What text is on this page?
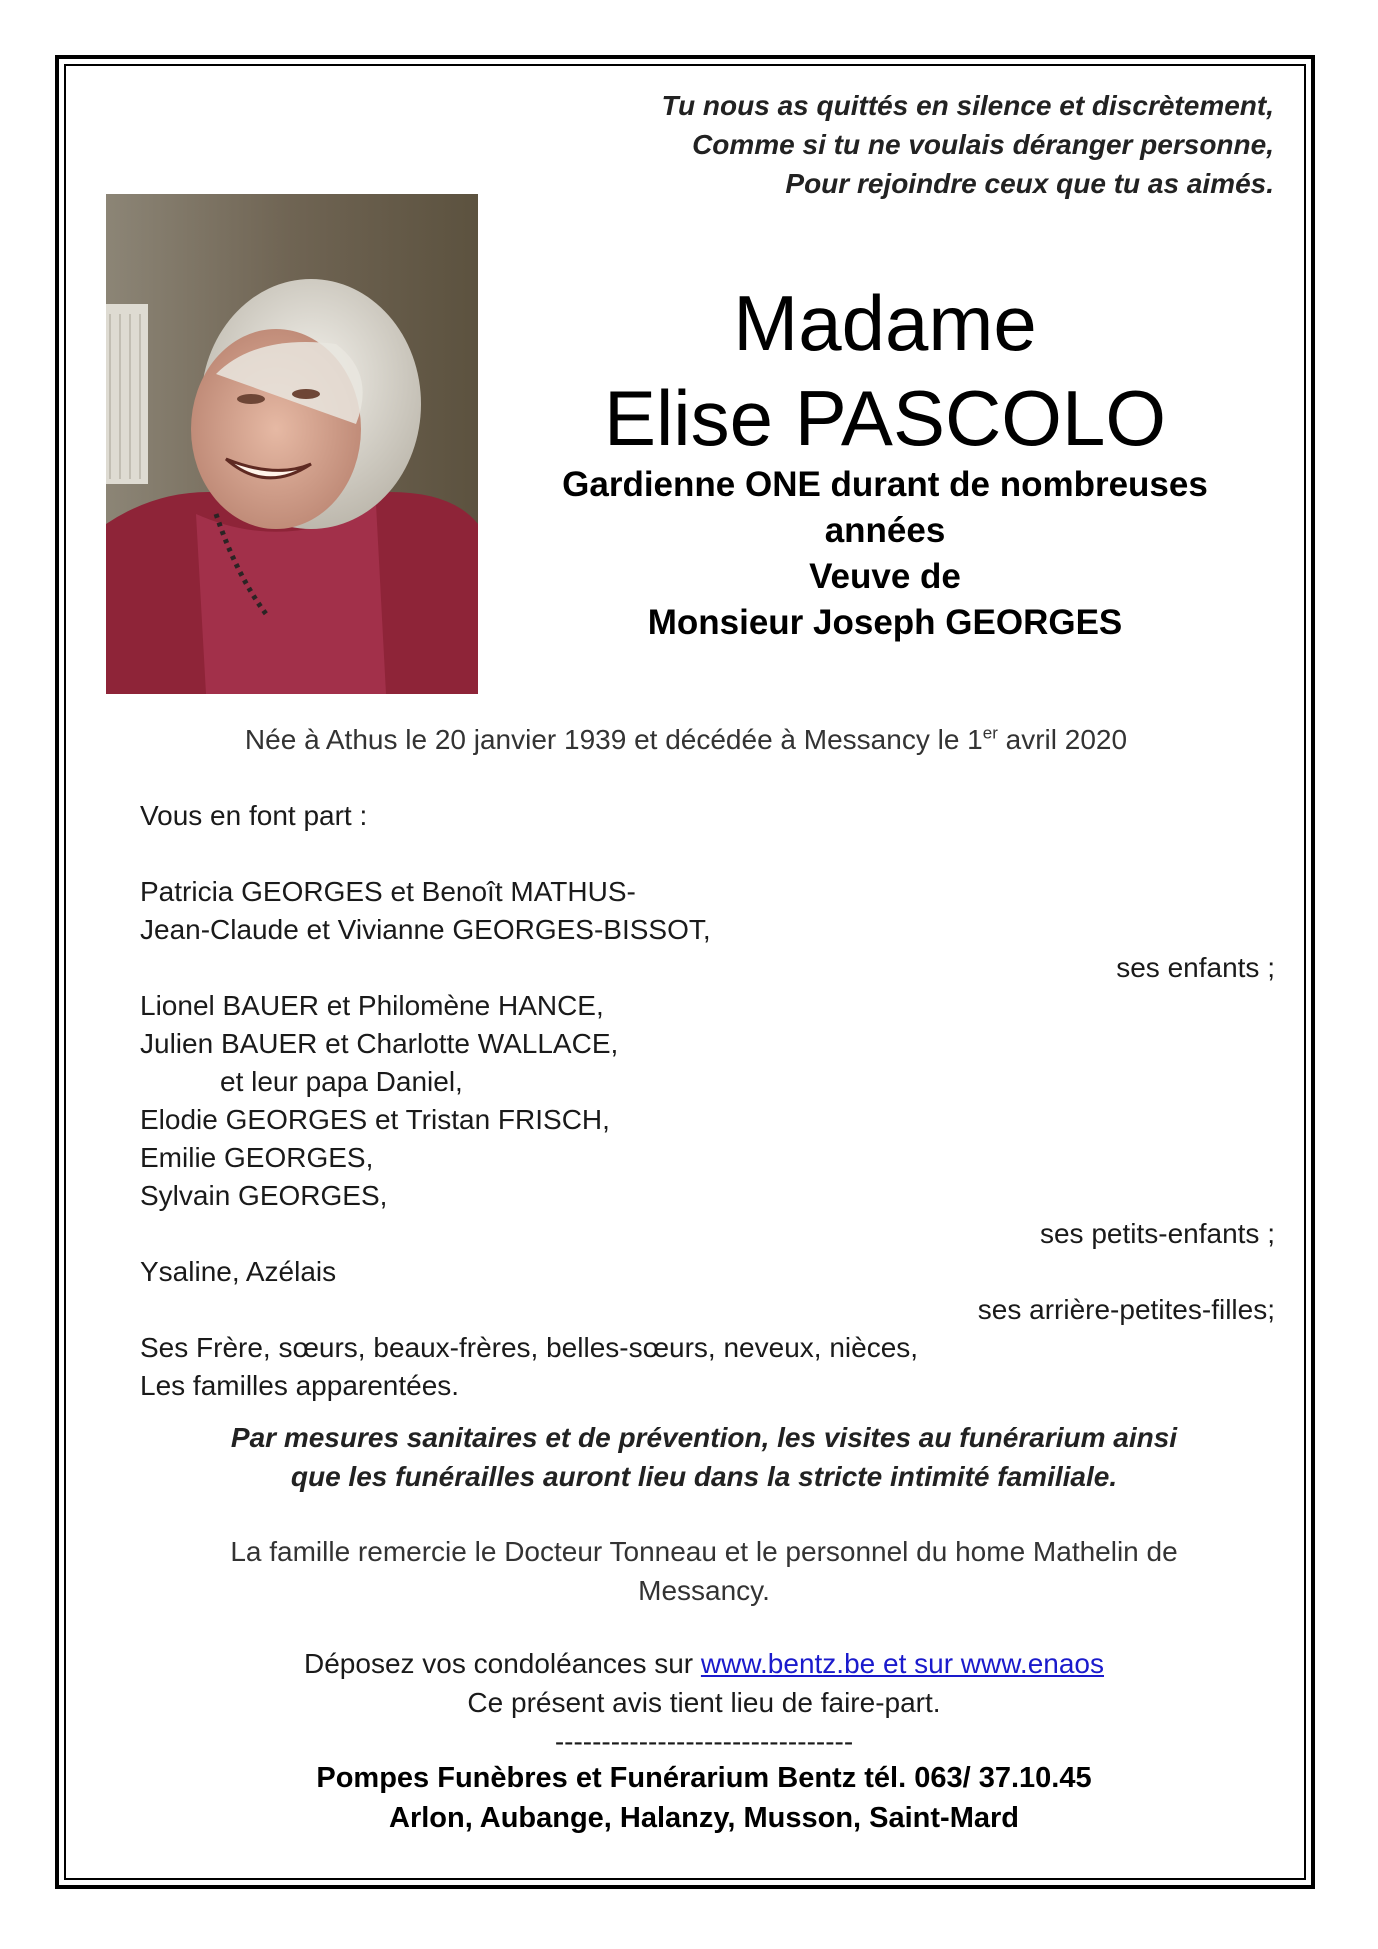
Tu nous as quittés en silence et discrètement,
Comme si tu ne voulais déranger personne,
Pour rejoindre ceux que tu as aimés.
Madame
Elise PASCOLO
Gardienne ONE durant de nombreuses
années
Veuve de
Monsieur Joseph GEORGES
Née à Athus le 20 janvier 1939 et décédée à Messancy le 1er avril 2020
Vous en font part :
Patricia GEORGES et Benoît MATHUS-
Jean-Claude et Vivianne GEORGES-BISSOT,
ses enfants ;
Lionel BAUER et Philomène HANCE,
Julien BAUER et Charlotte WALLACE,
et leur papa Daniel,
Elodie GEORGES et Tristan FRISCH,
Emilie GEORGES,
Sylvain GEORGES,
ses petits-enfants ;
Ysaline, Azélais
ses arrière-petites-filles;
Ses Frère, sœurs, beaux-frères, belles-sœurs, neveux, nièces,
Les familles apparentées.
Par mesures sanitaires et de prévention, les visites au funérarium ainsi
que les funérailles auront lieu dans la stricte intimité familiale.
La famille remercie le Docteur Tonneau et le personnel du home Mathelin de
Messancy.
Déposez vos condoléances sur www.bentz.be et sur www.enaos
Ce présent avis tient lieu de faire-part.
--------------------------------
Pompes Funèbres et Funérarium Bentz tél. 063/ 37.10.45
Arlon, Aubange, Halanzy, Musson, Saint-Mard
